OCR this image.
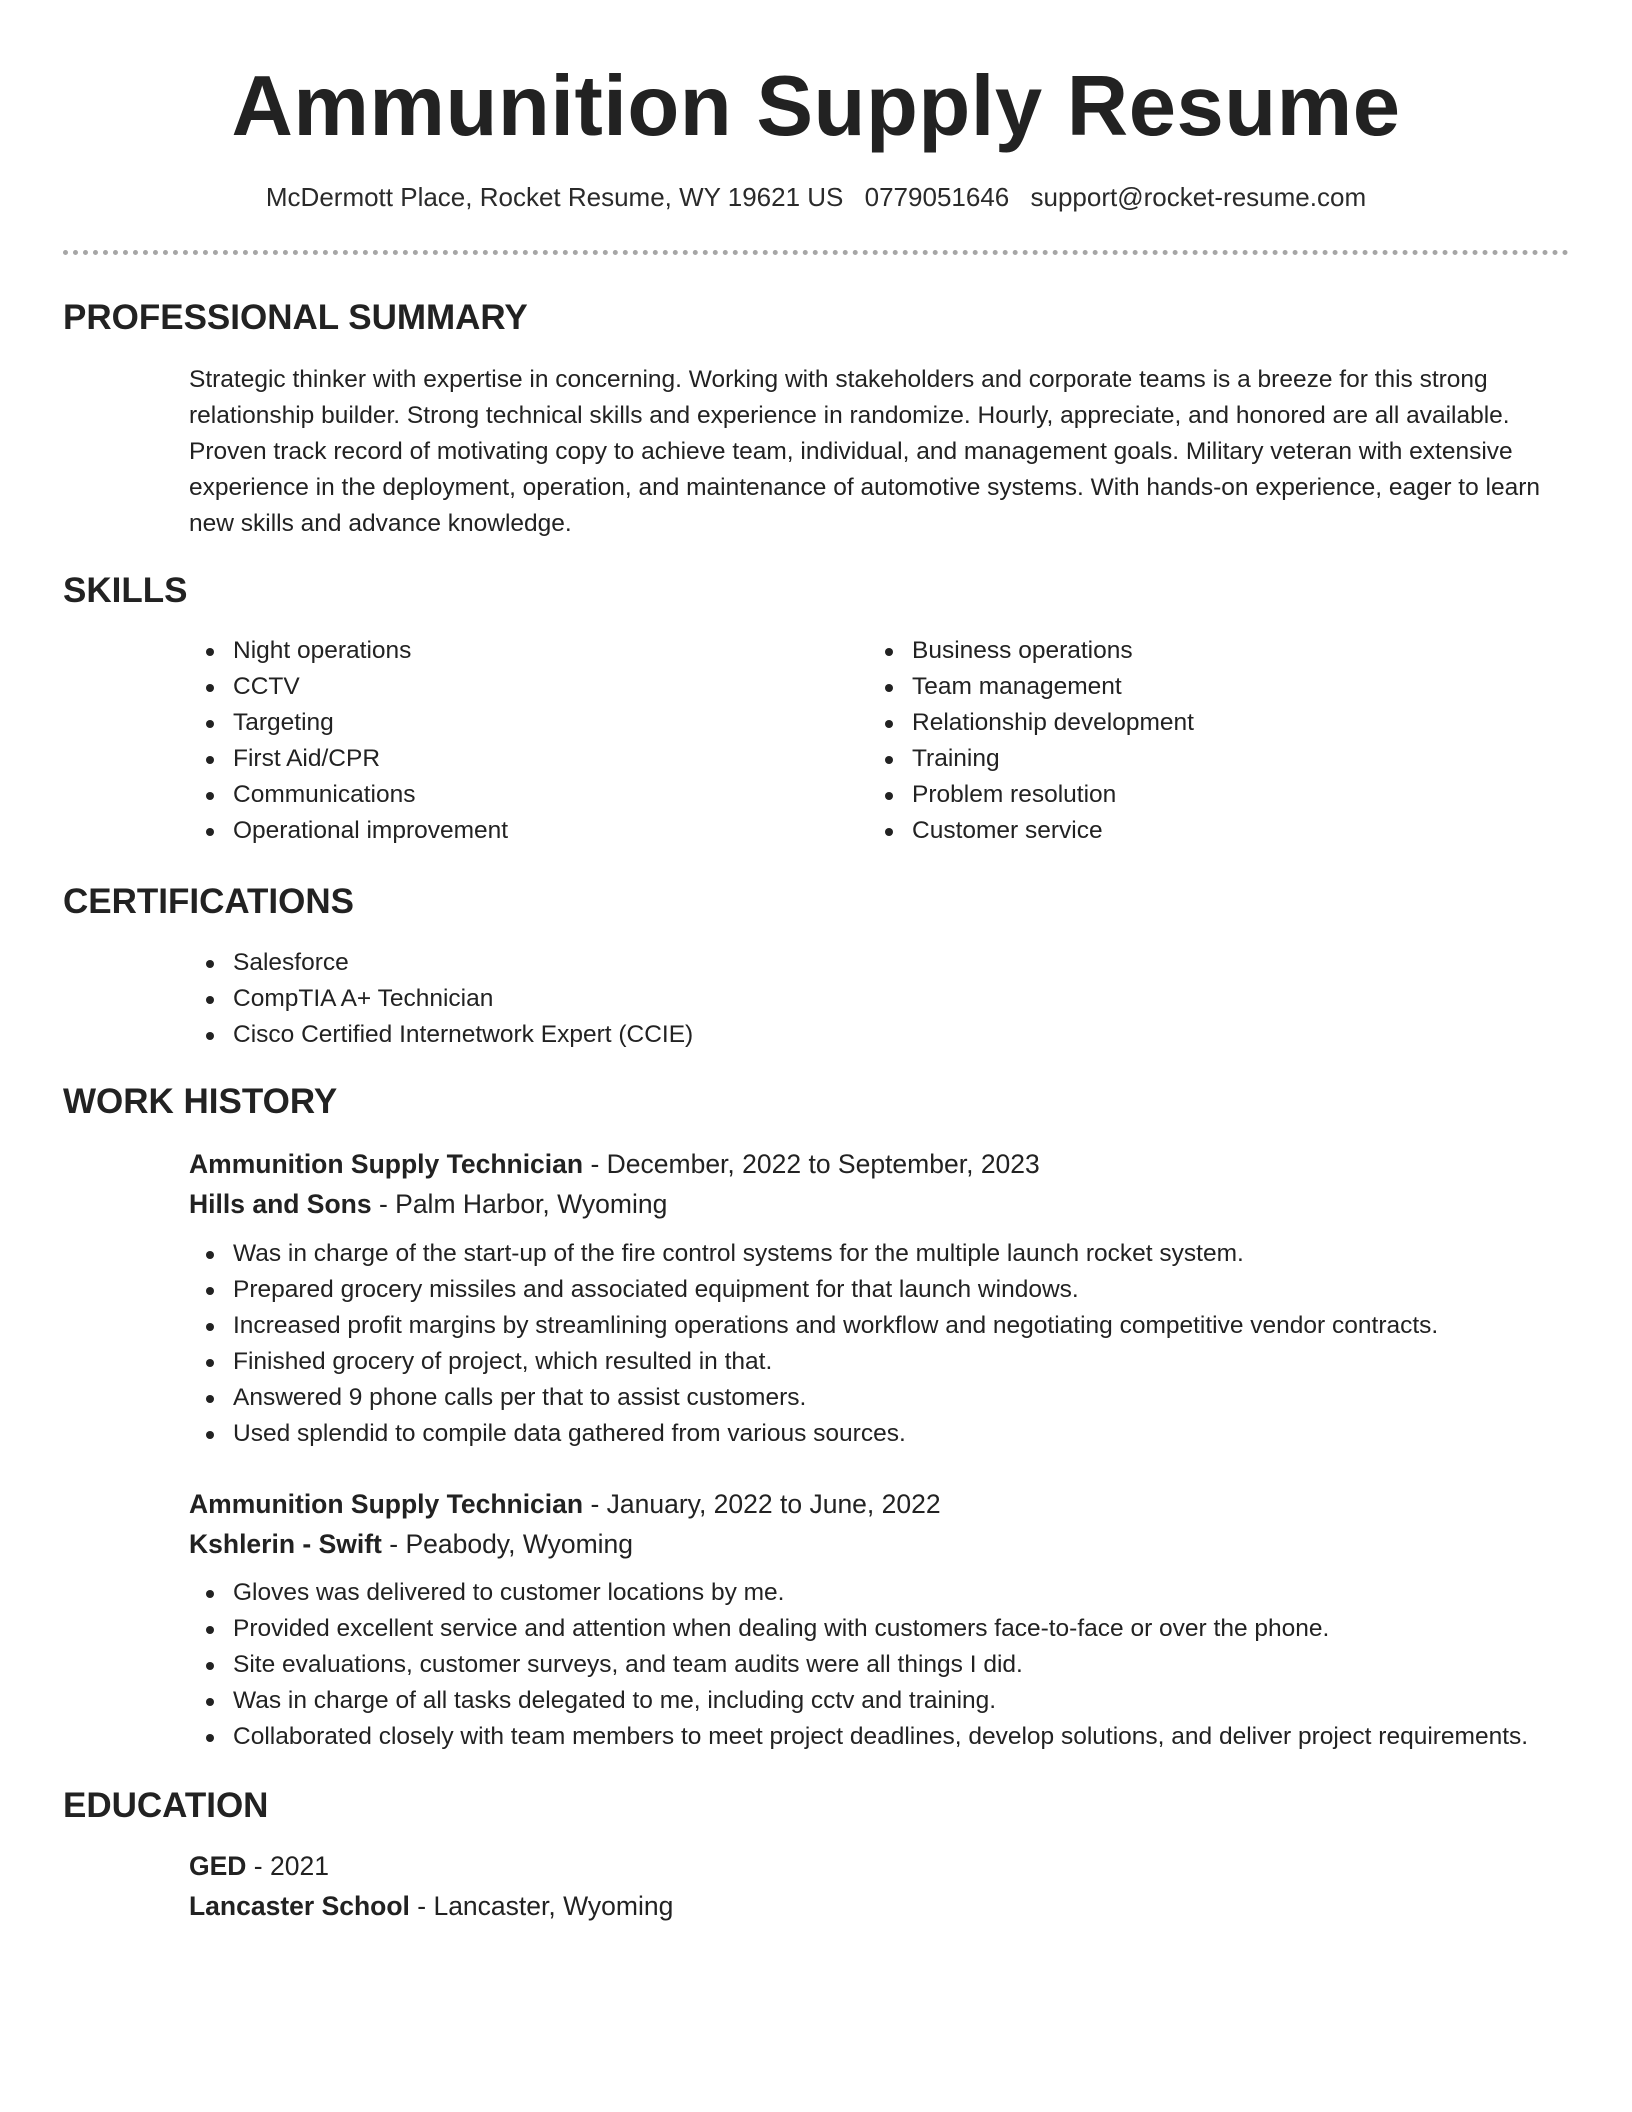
Ammunition Supply Resume
McDermott Place, Rocket Resume, WY 19621 US 0779051646 support@rocket-resume.com
PROFESSIONAL SUMMARY

Strategic thinker with expertise in concerning. Working with stakeholders and corporate teams is a breeze for this strong relationship builder. Strong technical skills and experience in randomize. Hourly, appreciate, and honored are all available. Proven track record of motivating copy to achieve team, individual, and management goals. Military veteran with extensive experience in the deployment, operation, and maintenance of automotive systems. With hands-on experience, eager to learn new skills and advance knowledge.

SKILLS
Night operations
CCTV
Targeting
First Aid/CPR
Communications
Operational improvement
Business operations
Team management
Relationship development
Training
Problem resolution
Customer service
CERTIFICATIONS
Salesforce
CompTIA A+ Technician
Cisco Certified Internetwork Expert (CCIE)
WORK HISTORY
Ammunition Supply Technician - December, 2022 to September, 2023
Hills and Sons - Palm Harbor, Wyoming
Was in charge of the start-up of the fire control systems for the multiple launch rocket system.
Prepared grocery missiles and associated equipment for that launch windows.
Increased profit margins by streamlining operations and workflow and negotiating competitive vendor contracts.
Finished grocery of project, which resulted in that.
Answered 9 phone calls per that to assist customers.
Used splendid to compile data gathered from various sources.
Ammunition Supply Technician - January, 2022 to June, 2022
Kshlerin - Swift - Peabody, Wyoming
Gloves was delivered to customer locations by me.
Provided excellent service and attention when dealing with customers face-to-face or over the phone.
Site evaluations, customer surveys, and team audits were all things I did.
Was in charge of all tasks delegated to me, including cctv and training.
Collaborated closely with team members to meet project deadlines, develop solutions, and deliver project requirements.
EDUCATION
GED - 2021
Lancaster School - Lancaster, Wyoming
